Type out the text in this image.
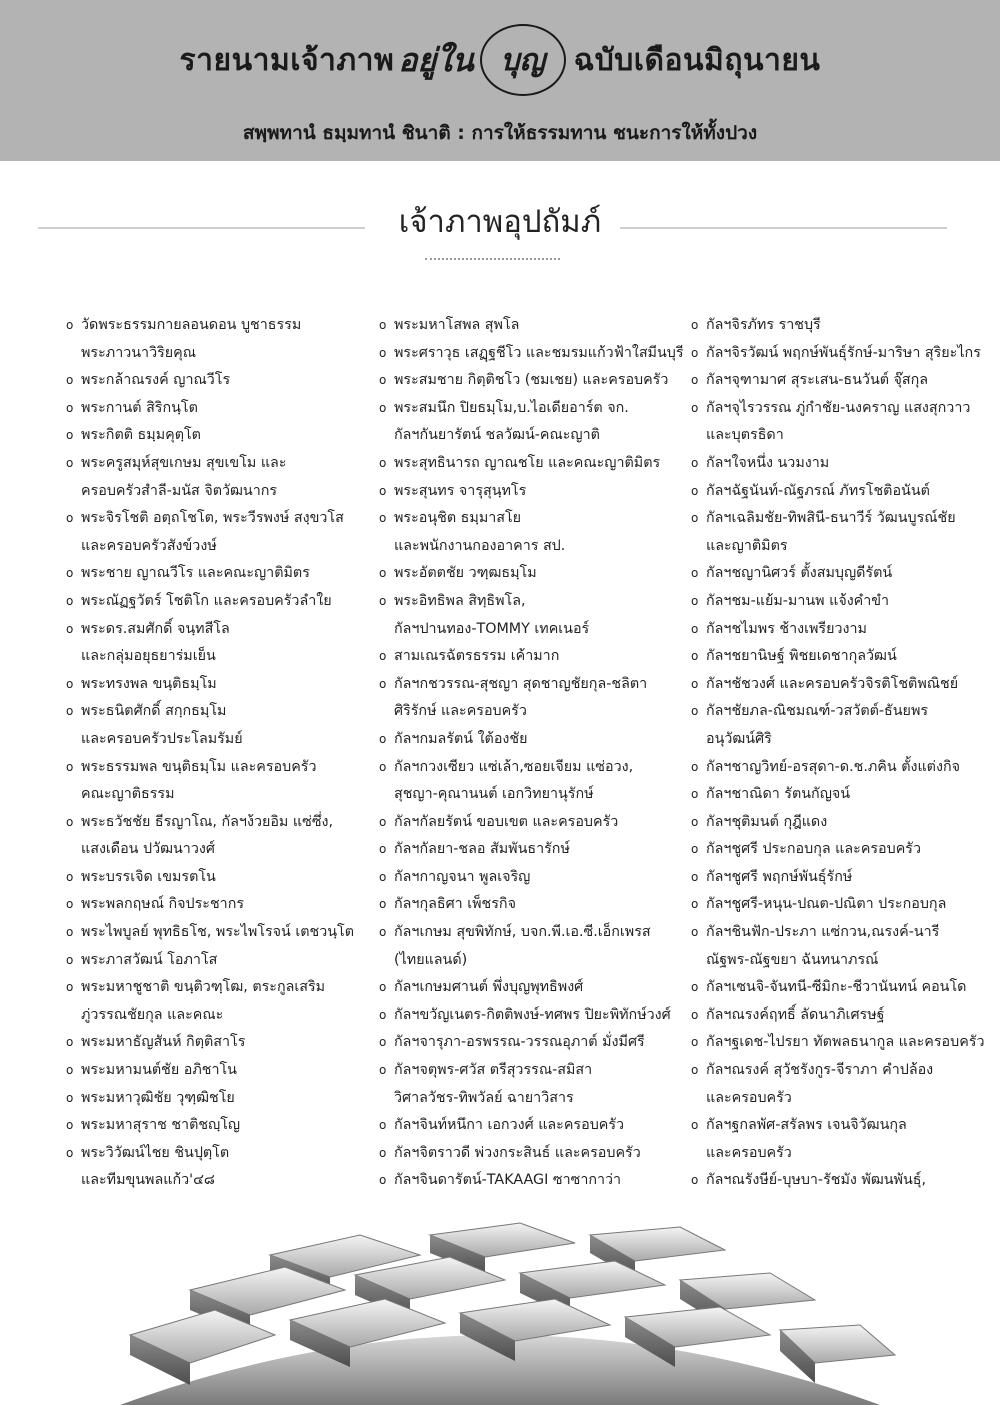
รายนามเจ้าภาพ อยู่ใน บุญ ฉบับเดือนมิถุนายน
สพฺพทานํ ธมฺมทานํ ชินาติ : การให้ธรรมทาน ชนะการให้ทั้งปวง
เจ้าภาพอุปถัมภ์
o วัดพระธรรมกายลอนดอน บูชาธรรม
พระภาวนาวิริยคุณ
o พระกล้าณรงค์ ญาณวีโร
o พระกานต์ สิริกนฺโต
o พระกิตติ ธมฺมคุตฺโต
o พระครูสมุห์สุขเกษม สุขเขโม และ
ครอบครัวสำลี-มนัส จิตวัฒนากร
o พระจิรโชติ อตฺถโชโต, พระวีรพงษ์ สงฺขวโส
และครอบครัวสังข์วงษ์
o พระชาย ญาณวีโร และคณะญาติมิตร
o พระณัฏฐวัตร์ โชติโก และครอบครัวลำใย
o พระดร.สมศักดิ์ จนฺทสีโล
และกลุ่มอยุธยาร่มเย็น
o พระทรงพล ขนฺติธมฺโม
o พระธนิตศักดิ์ สกฺกธมฺโม
และครอบครัวประโลมรัมย์
o พระธรรมพล ขนฺติธมฺโม และครอบครัว
คณะญาติธรรม
o พระธวัชชัย ธีรญาโณ, กัลฯง้วยอิม แซ่ซึ่ง,
แสงเดือน ปวัฒนาวงศ์
o พระบรรเจิด เขมรตโน
o พระพลกฤษณ์ กิจประชากร
o พระไพบูลย์ พุทธิธโช, พระไพโรจน์ เตชวนฺโต
o พระภาสวัฒน์ โอภาโส
o พระมหาชูชาติ ขนฺติวฑฺโฒ, ตระกูลเสริม
ภู่วรรณชัยกุล และคณะ
o พระมหาธัญสันห์ กิตฺติสาโร
o พระมหามนต์ชัย อภิชาโน
o พระมหาวุฒิชัย วุฑฺฒิชโย
o พระมหาสุราช ชาติชญฺโญ
o พระวิวัฒน์ไชย ชินปุตฺโต
และทีมขุนพลแก้ว'๔๘
o พระมหาโสพล สุพโล
o พระศราวุธ เสฏฺฐชีโว และชมรมแก้วฟ้าใสมีนบุรี
o พระสมชาย กิตฺติชโว (ชมเชย) และครอบครัว
o พระสมนึก ปิยธมฺโม,บ.ไอเดียอาร์ต จก.
กัลฯกันยารัตน์ ชลวัฒน์-คณะญาติ
o พระสุทธินารถ ญาณชโย และคณะญาติมิตร
o พระสุนทร จารุสุนฺทโร
o พระอนุชิต ธมฺมาสโย
และพนักงานกองอาคาร สป.
o พระอัตตชัย วฑฺฒธมฺโม
o พระอิทธิพล สิทฺธิพโล,
กัลฯปานทอง-TOMMY เทคเนอร์
o สามเณรฉัตรธรรม เค้ามาก
o กัลฯกชวรรณ-สุชญา สุดชาญชัยกุล-ชลิตา
ศิริรักษ์ และครอบครัว
o กัลฯกมลรัตน์ ใต้องชัย
o กัลฯกวงเซียว แซ่เล้า,ซอยเจียม แซ่อวง,
สุชญา-คุณานนต์ เอกวิทยานุรักษ์
o กัลฯกัลยรัตน์ ขอบเขต และครอบครัว
o กัลฯกัลยา-ชลอ สัมพันธารักษ์
o กัลฯกาญจนา พูลเจริญ
o กัลฯกุลธิศา เพ็ชรกิจ
o กัลฯเกษม สุขพิทักษ์, บจก.พี.เอ.ซี.เอ็กเพรส
(ไทยแลนด์)
o กัลฯเกษมศานต์ พึ่งบุญพุทธิพงศ์
o กัลฯขวัญเนตร-กิตติพงษ์-ทศพร ปิยะพิทักษ์วงศ์
o กัลฯจารุภา-อรพรรณ-วรรณอุภาต์ มั่งมีศรี
o กัลฯจตุพร-ศวัส ตรีสุวรรณ-สมิสา
วิศาลวัชร-ทิพวัลย์ ฉายาวิสาร
o กัลฯจินท์หนึกา เอกวงศ์ และครอบครัว
o กัลฯจิตราวดี พ่วงกระสินธ์ และครอบครัว
o กัลฯจินดารัตน์-TAKAAGI ซาซากาว่า
o กัลฯจิรภัทร ราชบุรี
o กัลฯจิรวัฒน์ พฤกษ์พันธุ์รักษ์-มาริษา สุริยะไกร
o กัลฯจุฑามาศ สุระเสน-ธนวันต์ จุ๊สกุล
o กัลฯจุไรวรรณ ภู่กำชัย-นงคราญ แสงสุกวาว
และบุตรธิดา
o กัลฯใจหนึ่ง นวมงาม
o กัลฯฉัฐนันท์-ณัฐภรณ์ ภัทรโชติอนันต์
o กัลฯเฉลิมชัย-ทิพสินี-ธนาวีร์ วัฒนบูรณ์ชัย
และญาติมิตร
o กัลฯชญานิศวร์ ตั้งสมบุญดีรัตน์
o กัลฯชม-แย้ม-มานพ แจ้งคำขำ
o กัลฯชไมพร ช้างเพรียวงาม
o กัลฯชยานิษฐ์ พิชยเดชากุลวัฒน์
o กัลฯชัชวงศ์ และครอบครัวจิรติโชติพณิชย์
o กัลฯชัยภล-ณิชมณฑ์-วสวัตต์-ธันยพร
อนุวัฒน์ศิริ
o กัลฯชาญวิทย์-อรสุดา-ด.ช.ภคิน ตั้งแต่งกิจ
o กัลฯชาณิดา รัตนกัญจน์
o กัลฯชุติมนต์ กุฎีแดง
o กัลฯชูศรี ประกอบกุล และครอบครัว
o กัลฯชูศรี พฤกษ์พันธุ์รักษ์
o กัลฯชูศรี-หนุน-ปณต-ปณิตา ประกอบกุล
o กัลฯชินฟัก-ประภา แซ่กวน,ณรงค์-นารี
ณัฐพร-ณัฐขยา ฉันทนาภรณ์
o กัลฯเซนจิ-จันทนี-ซีมิกะ-ชีวานันทน์ คอนโด
o กัลฯณรงค์ฤทธิ์ ลัดนาภิเศรษฐ์
o กัลฯฐเดช-ไปรยา ทัตพลธนากูล และครอบครัว
o กัลฯณรงค์ สุวัชรังกูร-จีราภา คำปล้อง
และครอบครัว
o กัลฯฐกลพัศ-สรัลพร เจนจิวัฒนกุล
และครอบครัว
o กัลฯณรังษีย์-บุษบา-รัชมัง พัฒนพันธุ์,
